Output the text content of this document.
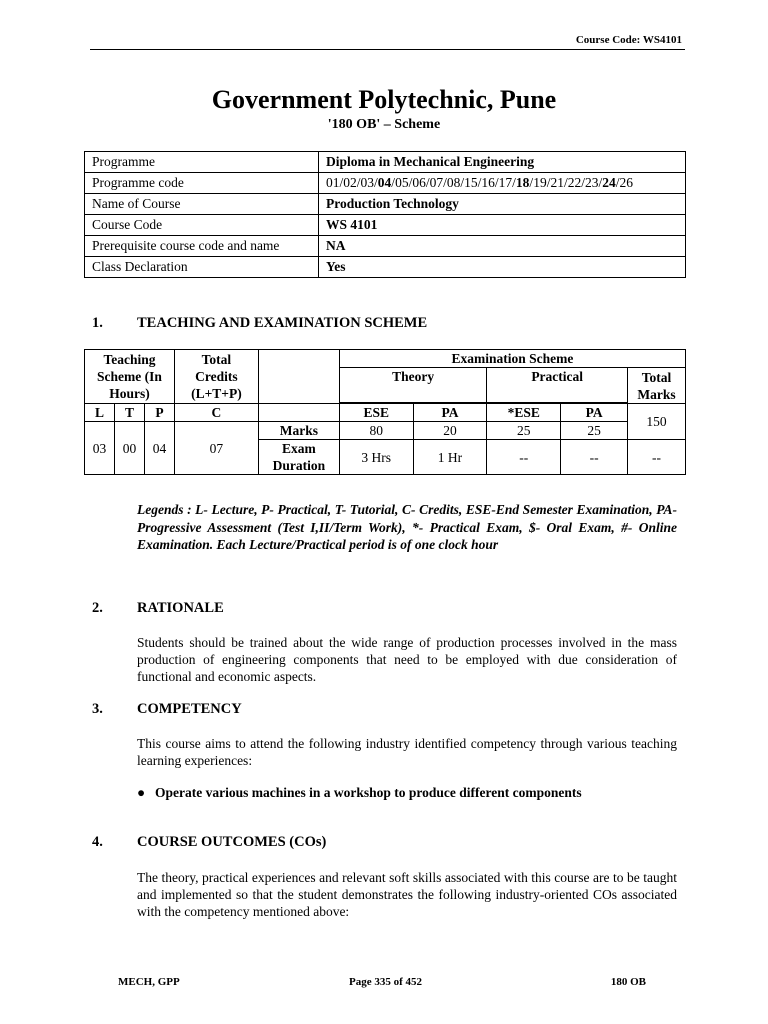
Course Code: WS4101
Government Polytechnic, Pune
'180 OB' – Scheme
Programme	Diploma in Mechanical Engineering
Programme code	01/02/03/04/05/06/07/08/15/16/17/18/19/21/22/23/24/26
Name of Course	Production Technology
Course Code	WS 4101
Prerequisite course code and name	NA
Class Declaration	Yes
1. TEACHING AND EXAMINATION SCHEME
Teaching Scheme (In Hours)			Total Credits (L+T+P)		Examination Scheme				
					Theory		Practical		Total Marks

L	T	P	C		ESE	PA	*ESE	PA	150
03	00	04	07	Marks	80	20	25	25	

				Exam Duration	3 Hrs	1 Hr	--	--	--
Legends : L- Lecture, P- Practical, T- Tutorial, C- Credits, ESE-End Semester Examination, PA- Progressive Assessment (Test I,II/Term Work), *- Practical Exam, $- Oral Exam, #- Online Examination. Each Lecture/Practical period is of one clock hour
2. RATIONALE
Students should be trained about the wide range of production processes involved in the mass production of engineering components that need to be employed with due consideration of functional and economic aspects.
3. COMPETENCY
This course aims to attend the following industry identified competency through various teaching learning experiences:
● Operate various machines in a workshop to produce different components
4. COURSE OUTCOMES (COs)
The theory, practical experiences and relevant soft skills associated with this course are to be taught and implemented so that the student demonstrates the following industry-oriented COs associated with the competency mentioned above:
MECH, GPP	Page 335 of 452	180 OB
